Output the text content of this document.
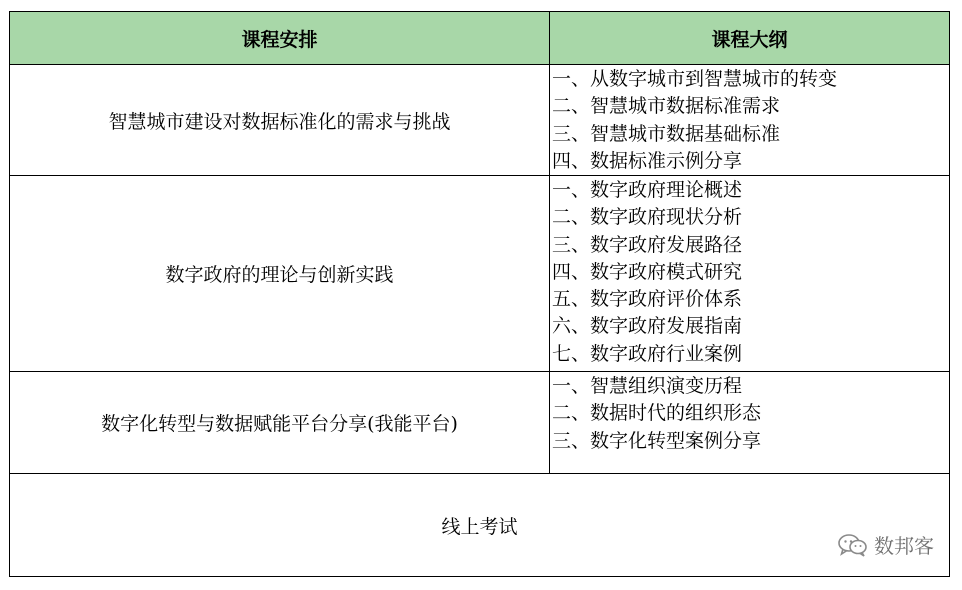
课程安排	课程大纲
智慧城市建设对数据标准化的需求与挑战
一、从数字城市到智慧城市的转变
二、智慧城市数据标准需求
三、智慧城市数据基础标准
四、数据标准示例分享
数字政府的理论与创新实践
一、数字政府理论概述
二、数字政府现状分析
三、数字政府发展路径
四、数字政府模式研究
五、数字政府评价体系
六、数字政府发展指南
七、数字政府行业案例
数字化转型与数据赋能平台分享(我能平台)
一、智慧组织演变历程
二、数据时代的组织形态
三、数字化转型案例分享
线上考试
数邦客
